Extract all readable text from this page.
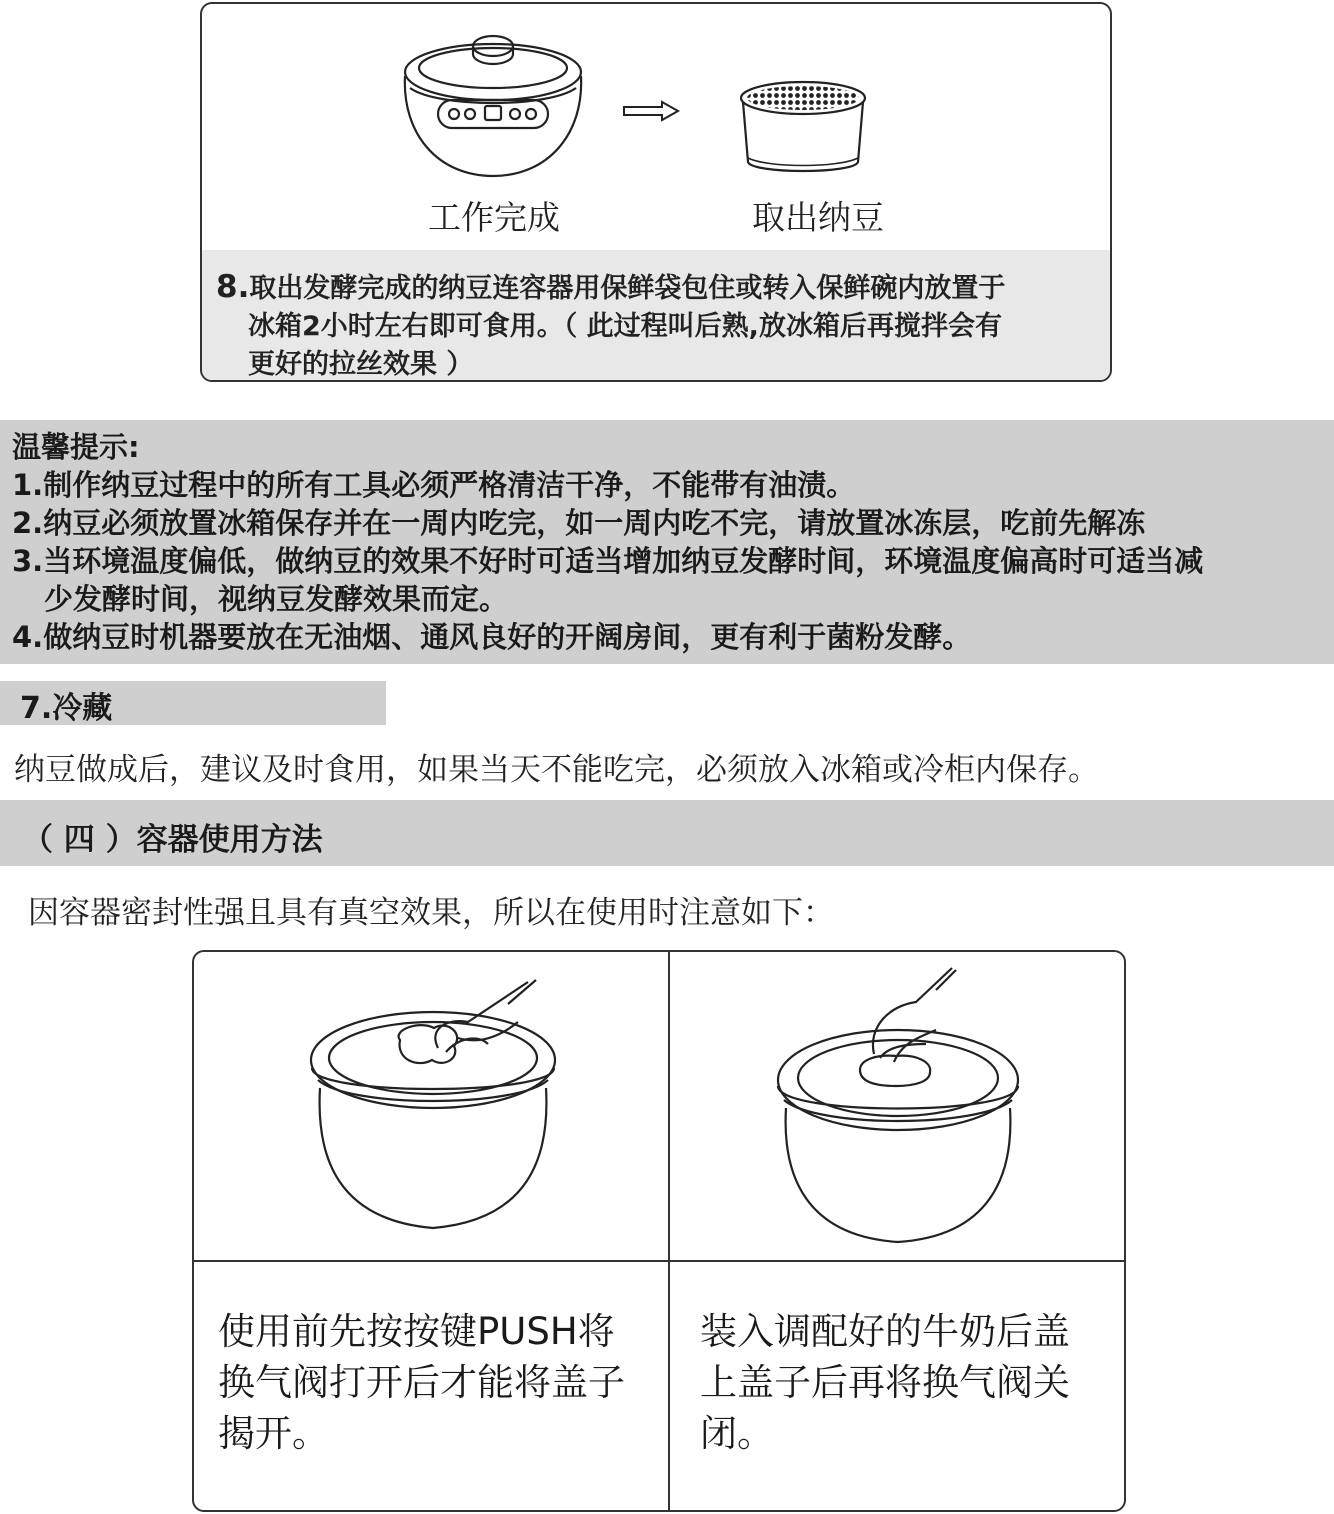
工作完成	取出纳豆
8.取出发酵完成的纳豆连容器用保鲜袋包住或转入保鲜碗内放置于
冰箱2小时左右即可食用。（ 此过程叫后熟,放冰箱后再搅拌会有
更好的拉丝效果 ）
温馨提示:
1.制作纳豆过程中的所有工具必须严格清洁干净，不能带有油渍。
2.纳豆必须放置冰箱保存并在一周内吃完，如一周内吃不完，请放置冰冻层，吃前先解冻
3.当环境温度偏低，做纳豆的效果不好时可适当增加纳豆发酵时间，环境温度偏高时可适当减
少发酵时间，视纳豆发酵效果而定。
4.做纳豆时机器要放在无油烟、通风良好的开阔房间，更有利于菌粉发酵。
7.冷藏
纳豆做成后，建议及时食用，如果当天不能吃完，必须放入冰箱或冷柜内保存。
（ 四 ）容器使用方法
因容器密封性强且具有真空效果，所以在使用时注意如下：
使用前先按按键PUSH将
换气阀打开后才能将盖子
揭开。
装入调配好的牛奶后盖
上盖子后再将换气阀关
闭。
